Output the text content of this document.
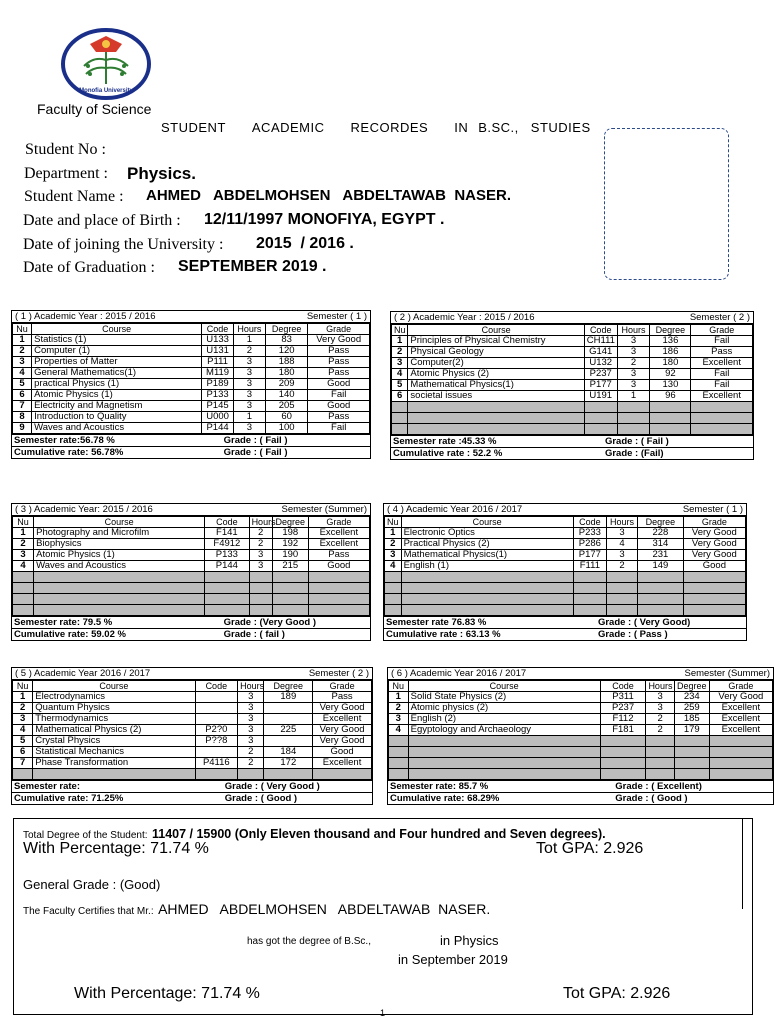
Monofia University
Faculty of Science
STUDENT ACADEMIC RECORDES IN B.SC., STUDIES
Student No :
Department : Physics.
Student Name : AHMED   ABDELMOHSEN   ABDELTAWAB  NASER.
Date and place of Birth : 12/11/1997 MONOFIYA, EGYPT .
Date of joining the University : 2015  / 2016 .
Date of Graduation : SEPTEMBER 2019 .
( 1 ) Academic Year : 2015 / 2016	Semester ( 1 )
Nu	Course	Code	Hours	Degree	Grade
1	Statistics (1)	U133	1	83	Very Good
2	Computer (1)	U131	2	120	Pass
3	Properties of Matter	P111	3	188	Pass
4	General Mathematics(1)	M119	3	180	Pass
5	practical Physics (1)	P189	3	209	Good
6	Atomic Physics (1)	P133	3	140	Fail
7	Electricity and Magnetism	P145	3	205	Good
8	Introduction to Quality	U000	1	60	Pass
9	Waves and Acoustics	P144	3	100	Fail
Semester rate:56.78 %	Grade : ( Fail )
Cumulative rate: 56.78%	Grade : ( Fail )
( 2 ) Academic Year : 2015 / 2016	Semester ( 2 )
Nu	Course	Code	Hours	Degree	Grade
1	Principles of Physical Chemistry	CH111	3	136	Fail
2	Physical Geology	G141	3	186	Pass
3	Computer(2)	U132	2	180	Excellent
4	Atomic Physics (2)	P237	3	92	Fail
5	Mathematical Physics(1)	P177	3	130	Fail
6	societal issues	U191	1	96	Excellent

Semester rate :45.33 %	Grade : ( Fail )
Cumulative rate : 52.2 %	Grade : (Fail)
( 3 ) Academic Year: 2015 / 2016	Semester (Summer)
Nu	Course	Code	Hours	Degree	Grade
1	Photography and Microfilm	F141	2	198	Excellent
2	Biophysics	F4912	2	192	Excellent
3	Atomic Physics (1)	P133	3	190	Pass
4	Waves and Acoustics	P144	3	215	Good

Semester rate: 79.5 %	Grade : (Very Good )
Cumulative rate: 59.02 %	Grade : ( fail )
( 4 ) Academic Year 2016 / 2017	Semester ( 1 )
Nu	Course	Code	Hours	Degree	Grade
1	Electronic Optics	P233	3	228	Very Good
2	Practical Physics (2)	P286	4	314	Very Good
3	Mathematical Physics(1)	P177	3	231	Very Good
4	English (1)	F111	2	149	Good

Semester rate 76.83 %	Grade : ( Very Good)
Cumulative rate : 63.13 %	Grade : ( Pass )
( 5 ) Academic Year 2016 / 2017	Semester ( 2 )
Nu	Course	Code	Hours	Degree	Grade
1	Electrodynamics		3	189	Pass
2	Quantum Physics		3		Very Good
3	Thermodynamics		3		Excellent
4	Mathematical Physics (2)	P2?0	3	225	Very Good
5	Crystal Physics	P??8	3		Very Good
6	Statistical Mechanics		2	184	Good
7	Phase Transformation	P4116	2	172	Excellent

Semester rate:	Grade : ( Very Good )
Cumulative rate: 71.25%	Grade : ( Good )
( 6 ) Academic Year 2016 / 2017	Semester (Summer)
Nu	Course	Code	Hours	Degree	Grade
1	Solid State Physics (2)	P311	3	234	Very Good
2	Atomic physics (2)	P237	3	259	Excellent
3	English (2)	F112	2	185	Excellent
4	Egyptology and Archaeology	F181	2	179	Excellent

Semester rate: 85.7 %	Grade : ( Excellent)
Cumulative rate: 68.29%	Grade : ( Good )
Total Degree of the Student: 11407 / 15900 (Only Eleven thousand and Four hundred and Seven degrees).
With Percentage: 71.74 %	Tot GPA: 2.926
General Grade : (Good)
The Faculty Certifies that Mr.: AHMED   ABDELMOHSEN   ABDELTAWAB  NASER.
has got the degree of B.Sc.,	in Physics
in September 2019
With Percentage: 71.74 %	Tot GPA: 2.926
1
